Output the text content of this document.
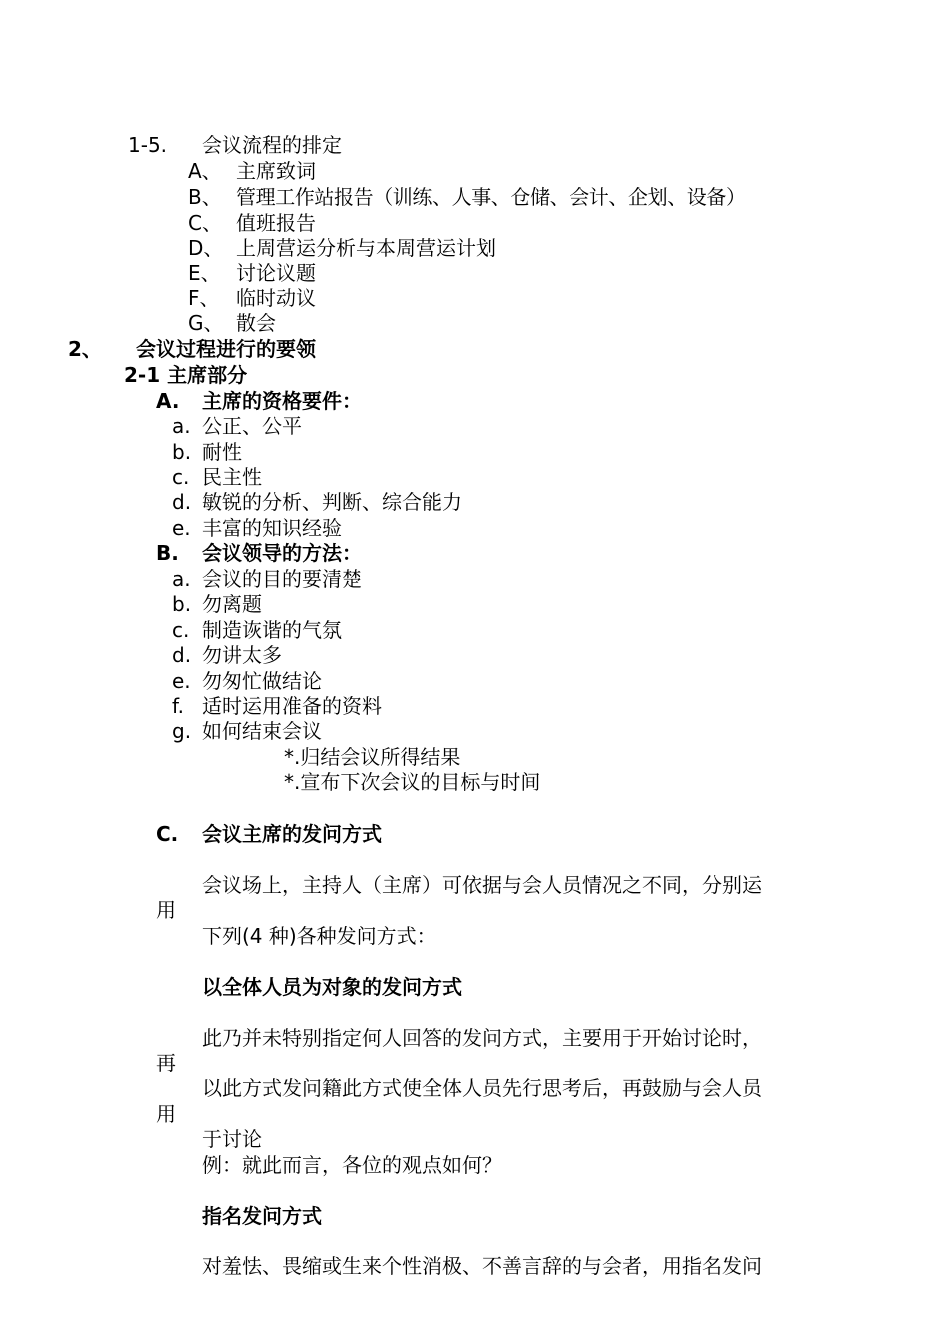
1-5. 会议流程的排定
A、 主席致词
B、 管理工作站报告（训练、人事、仓储、会计、企划、设备）
C、 值班报告
D、 上周营运分析与本周营运计划
E、 讨论议题
F、 临时动议
G、 散会
2、 会议过程进行的要领
2-1 主席部分
A. 主席的资格要件：
a. 公正、公平
b. 耐性
c. 民主性
d. 敏锐的分析、判断、综合能力
e. 丰富的知识经验
B. 会议领导的方法：
a. 会议的目的要清楚
b. 勿离题
c. 制造诙谐的气氛
d. 勿讲太多
e. 勿匆忙做结论
f. 适时运用准备的资料
g. 如何结束会议
*.归结会议所得结果
*.宣布下次会议的目标与时间
C. 会议主席的发问方式
会议场上，主持人（主席）可依据与会人员情况之不同，分别运
用
下列(4 种)各种发问方式：
以全体人员为对象的发问方式
此乃并未特别指定何人回答的发问方式，主要用于开始讨论时，
再
以此方式发问籍此方式使全体人员先行思考后，再鼓励与会人员
用
于讨论
例：就此而言，各位的观点如何？
指名发问方式
对羞怯、畏缩或生来个性消极、不善言辞的与会者，用指名发问
